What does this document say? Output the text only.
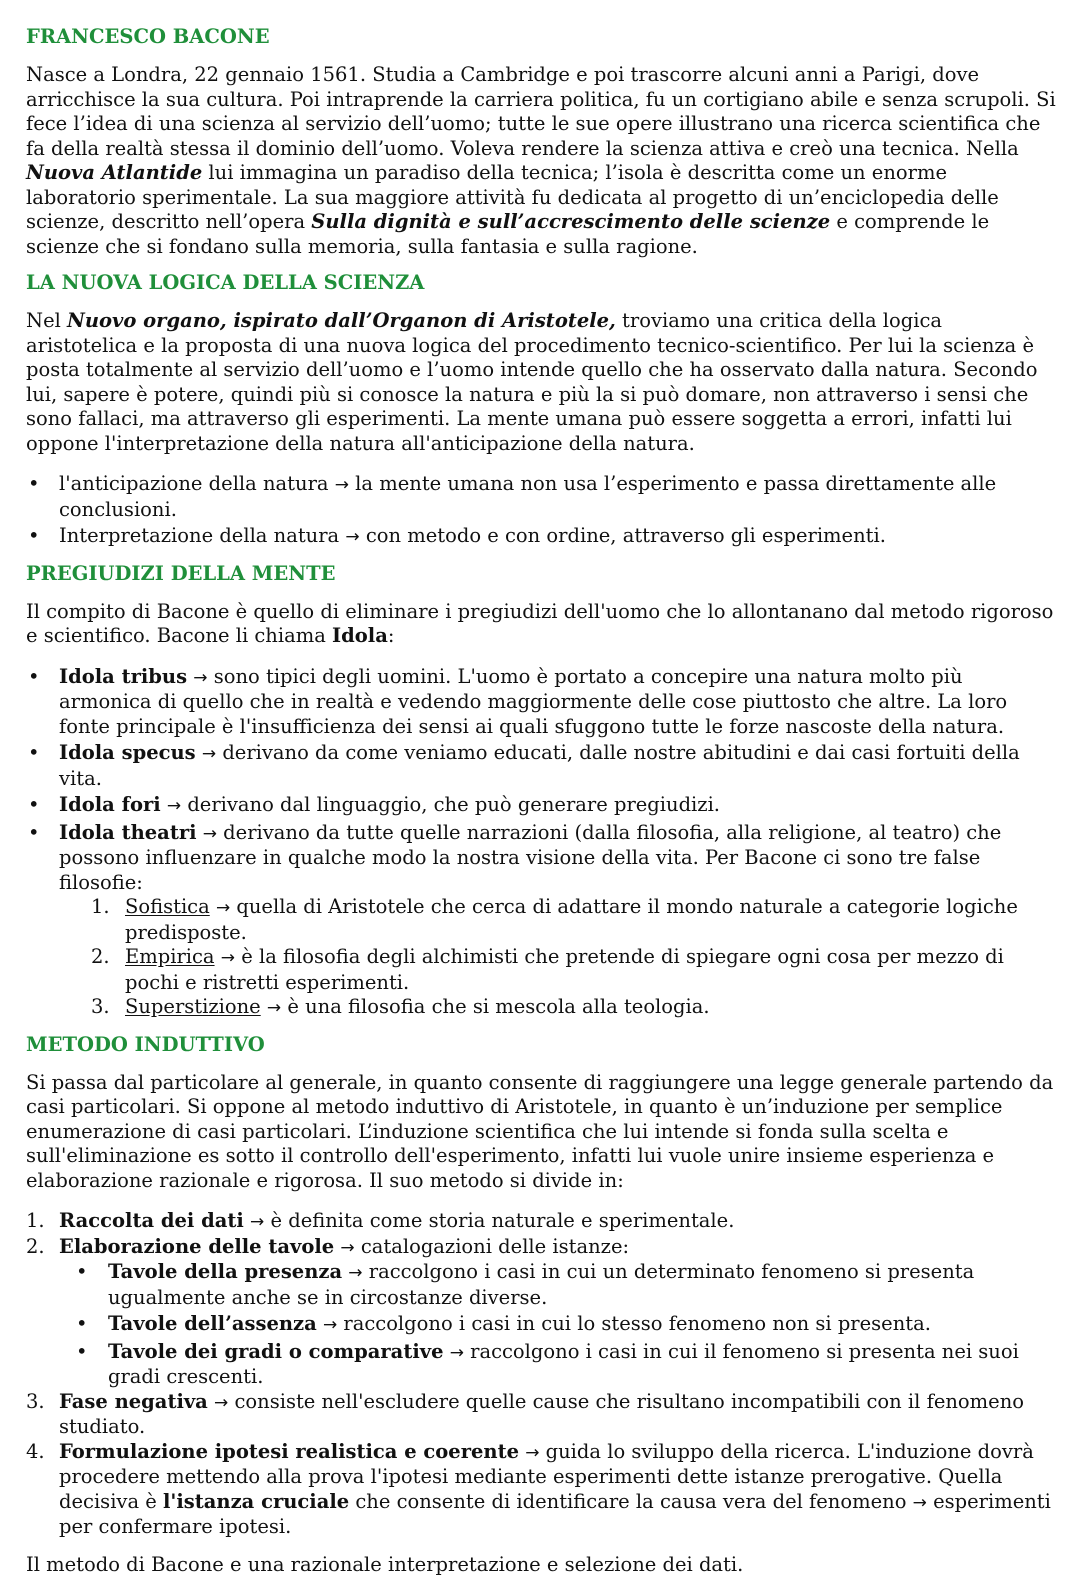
FRANCESCO BACONE

Nasce a Londra, 22 gennaio 1561. Studia a Cambridge e poi trascorre alcuni anni a Parigi, dove arricchisce la sua cultura. Poi intraprende la carriera politica, fu un cortigiano abile e senza scrupoli. Si fece l’idea di una scienza al servizio dell’uomo; tutte le sue opere illustrano una ricerca scientifica che fa della realtà stessa il dominio dell’uomo. Voleva rendere la scienza attiva e creò una tecnica. Nella Nuova Atlantide lui immagina un paradiso della tecnica; l’isola è descritta come un enorme laboratorio sperimentale. La sua maggiore attività fu dedicata al progetto di un’enciclopedia delle scienze, descritto nell’opera Sulla dignità e sull’accrescimento delle scienze e comprende le scienze che si fondano sulla memoria, sulla fantasia e sulla ragione.

LA NUOVA LOGICA DELLA SCIENZA

Nel Nuovo organo, ispirato dall’Organon di Aristotele, troviamo una critica della logica aristotelica e la proposta di una nuova logica del procedimento tecnico-scientifico. Per lui la scienza è posta totalmente al servizio dell’uomo e l’uomo intende quello che ha osservato dalla natura. Secondo lui, sapere è potere, quindi più si conosce la natura e più la si può domare, non attraverso i sensi che sono fallaci, ma attraverso gli esperimenti. La mente umana può essere soggetta a errori, infatti lui oppone l'interpretazione della natura all'anticipazione della natura.

• l'anticipazione della natura → la mente umana non usa l’esperimento e passa direttamente alle conclusioni.
• Interpretazione della natura → con metodo e con ordine, attraverso gli esperimenti.
PREGIUDIZI DELLA MENTE

Il compito di Bacone è quello di eliminare i pregiudizi dell'uomo che lo allontanano dal metodo rigoroso e scientifico. Bacone li chiama Idola:

• Idola tribus → sono tipici degli uomini. L'uomo è portato a concepire una natura molto più armonica di quello che in realtà e vedendo maggiormente delle cose piuttosto che altre. La loro fonte principale è l'insufficienza dei sensi ai quali sfuggono tutte le forze nascoste della natura.
• Idola specus → derivano da come veniamo educati, dalle nostre abitudini e dai casi fortuiti della vita.
• Idola fori → derivano dal linguaggio, che può generare pregiudizi.
• Idola theatri → derivano da tutte quelle narrazioni (dalla filosofia, alla religione, al teatro) che possono influenzare in qualche modo la nostra visione della vita. Per Bacone ci sono tre false filosofie:
1. Sofistica → quella di Aristotele che cerca di adattare il mondo naturale a categorie logiche predisposte.
2. Empirica → è la filosofia degli alchimisti che pretende di spiegare ogni cosa per mezzo di pochi e ristretti esperimenti.
3. Superstizione → è una filosofia che si mescola alla teologia.
METODO INDUTTIVO

Si passa dal particolare al generale, in quanto consente di raggiungere una legge generale partendo da casi particolari. Si oppone al metodo induttivo di Aristotele, in quanto è un’induzione per semplice enumerazione di casi particolari. L’induzione scientifica che lui intende si fonda sulla scelta e sull'eliminazione es sotto il controllo dell'esperimento, infatti lui vuole unire insieme esperienza e elaborazione razionale e rigorosa. Il suo metodo si divide in:

1. Raccolta dei dati → è definita come storia naturale e sperimentale.
2. Elaborazione delle tavole → catalogazioni delle istanze:
• Tavole della presenza → raccolgono i casi in cui un determinato fenomeno si presenta ugualmente anche se in circostanze diverse.
• Tavole dell’assenza → raccolgono i casi in cui lo stesso fenomeno non si presenta.
• Tavole dei gradi o comparative → raccolgono i casi in cui il fenomeno si presenta nei suoi gradi crescenti.
3. Fase negativa → consiste nell'escludere quelle cause che risultano incompatibili con il fenomeno studiato.
4. Formulazione ipotesi realistica e coerente → guida lo sviluppo della ricerca. L'induzione dovrà procedere mettendo alla prova l'ipotesi mediante esperimenti dette istanze prerogative. Quella decisiva è l'istanza cruciale che consente di identificare la causa vera del fenomeno → esperimenti per confermare ipotesi.

Il metodo di Bacone e una razionale interpretazione e selezione dei dati.
